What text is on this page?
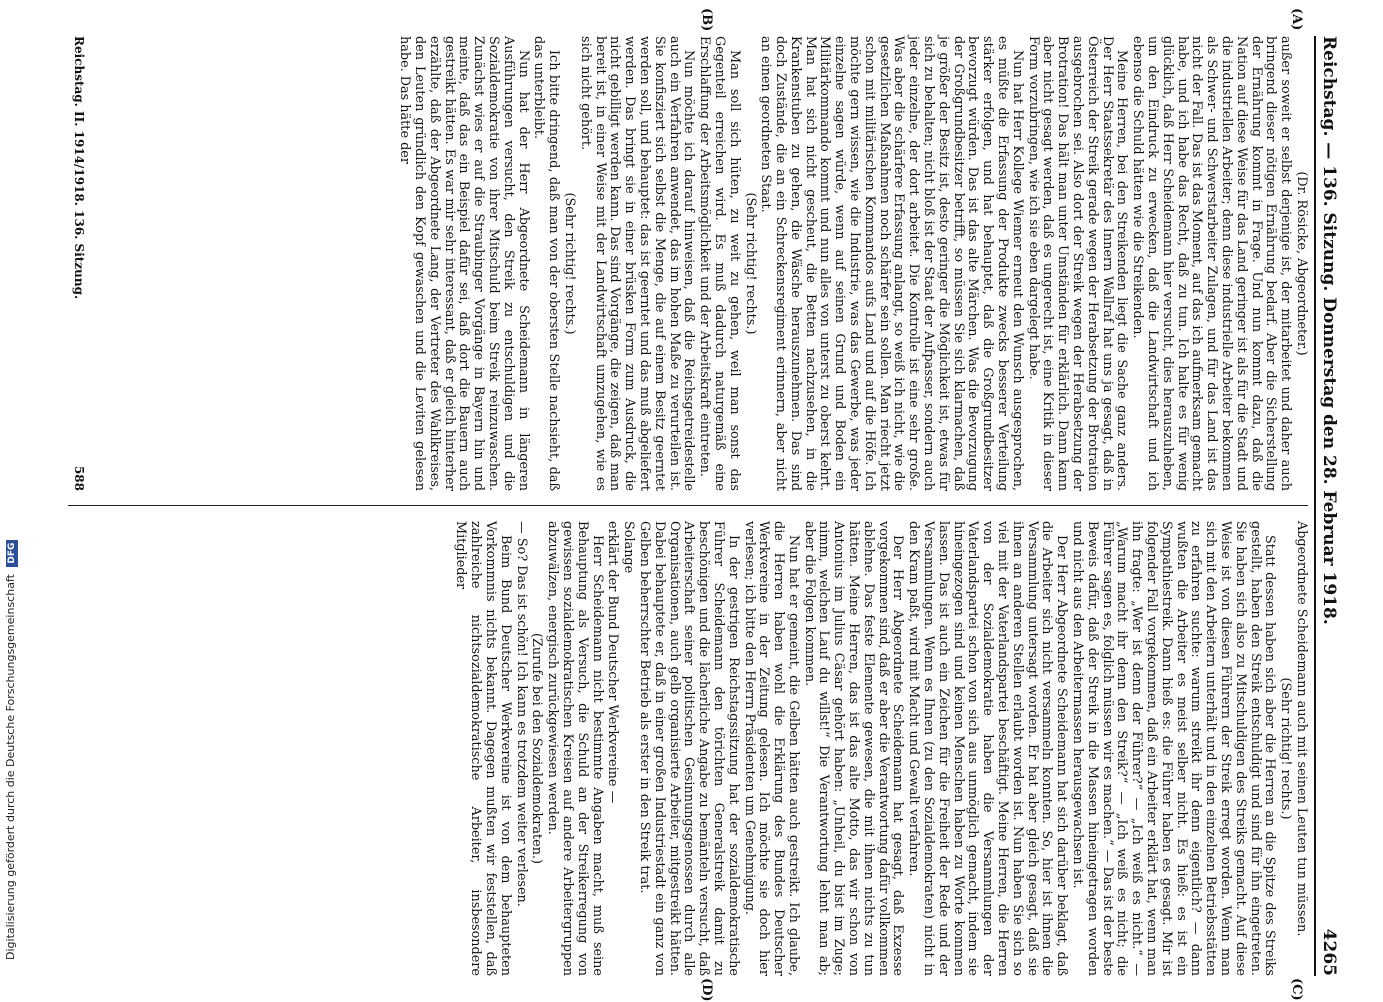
Reichstag. — 136. Sitzung. Donnerstag den 28. Februar 1918.
4265

(Dr. Rösicke, Abgeordneter.)

außer soweit er selbst derjenige ist, der mitarbeitet und daher auch bringend dieser nötigen Ernährung bedarf. Aber die Sicherstellung der Ernährung kommt in Frage. Und nun kommt dazu, daß die Nation auf diese Weise für das Land geringer ist als für die Stadt und die industriellen Arbeiter; denn diese industrielle Arbeiter bekommen als Schwer- und Schwerstarbeiter Zulagen, und für das Land ist das nicht der Fall. Das ist das Moment, auf das ich aufmerksam gemacht habe, und ich habe das Recht, daß zu tun. Ich halte es für wenig glücklich, daß Herr Scheidemann hier versucht, dies herauszuheben, um den Eindruck zu erwecken, daß die Landwirtschaft und ich ebenso die Schuld hätten wie die Streikenden.

Meine Herren, bei den Streikenden liegt die Sache ganz anders. Der Herr Staatssekretär des Innern Wallraf hat uns ja gesagt, daß in Österreich der Streik gerade wegen der Herabsetzung der Brotration ausgebrochen sei. Also dort der Streik wegen der Herabsetzung der Brotration! Das hält man unter Umständen für erklärlich. Dann kann aber nicht gesagt werden, daß es ungerecht ist, eine Kritik in dieser Form vorzubringen, wie ich sie eben dargelegt habe.

Nun hat Herr Kollege Wiemer erneut den Wunsch ausgesprochen, es müßte die Erfassung der Produkte zwecks besserer Verteilung stärker erfolgen, und hat behauptet, daß die Großgrundbesitzer bevorzugt würden. Das ist das alte Märchen. Was die Bevorzugung der Großgrundbesitzer betrifft, so müssen Sie sich klarmachen, daß je größer der Besitz ist, desto geringer die Möglichkeit ist, etwas für sich zu behalten; nicht bloß ist der Staat der Aufpasser, sondern auch jeder einzelne, der dort arbeitet. Die Kontrolle ist eine sehr große. Was aber die schärfere Erfassung anlangt, so weiß ich nicht, wie die gesetzlichen Maßnahmen noch schärfer sein sollen. Man riecht jetzt schon mit militärischen Kommandos aufs Land und auf die Höfe. Ich möchte gern wissen, wie die Industrie, was das Gewerbe, was jeder einzelne sagen würde, wenn auf seinen Grund und Boden ein Militärkommando kommt und nun alles von unterst zu oberst kehrt. Man hat sich nicht gescheut, die Betten nachzusehen, in die Krankenstuben zu gehen, die Wäsche herauszunehmen. Das sind doch Zustände, die an ein Schreckensregiment erinnern, aber nicht an einen geordneten Staat.

(Sehr richtig! rechts.)

Man soll sich hüten, zu weit zu gehen, weil man sonst das Gegenteil erreichen wird. Es muß dadurch naturgemäß eine Erschlaffung der Arbeitsmöglichkeit und der Arbeitskraft eintreten.

Nun möchte ich darauf hinweisen, daß die Reichsgetreidestelle auch ein Verfahren anwendet, das im hohen Maße zu verurteilen ist. Sie konfisziert sich selbst die Menge, die auf einem Besitz geerntet werden soll, und behauptet: das ist geerntet und das muß abgeliefert werden. Das bringt sie in einer brüsken Form zum Ausdruck, die nicht gebilligt werden kann. Das sind Vorgänge, die zeigen, daß man bereit ist, in einer Weise mit der Landwirtschaft umzugehen, wie es sich nicht gehört.

(Sehr richtig! rechts.)

Ich bitte dringend, daß man von der obersten Stelle nachsieht, daß das unterbleibt.

Nun hat der Herr Abgeordnete Scheidemann in längeren Ausführungen versucht, den Streik zu entschuldigen und die Sozialdemokratie von ihrer Mitschuld beim Streik reinzuwaschen. Zunächst wies er auf die Straubinger Vorgänge in Bayern hin und meinte, daß das ein Beispiel dafür sei, daß dort die Bauern auch gestreikt hätten. Es war mir sehr interessant, daß er gleich hinterher erzählte, daß der Abgeordnete Lang, der Vertreter des Wahlkreises, den Leuten gründlich den Kopf gewaschen und die Leviten gelesen habe. Das hätte der

Abgeordnete Scheidemann auch mit seinen Leuten tun müssen.

(Sehr richtig! rechts.)

Statt dessen haben sich aber die Herren an die Spitze des Streiks gestellt, haben den Streik entschuldigt und sind für ihn eingetreten. Sie haben sich also zu Mitschuldigen des Streiks gemacht. Auf diese Weise ist von diesen Führern der Streik erregt worden. Wenn man sich mit den Arbeitern unterhält und in den einzelnen Betriebsstätten zu erfahren suchte: warum streikt ihr denn eigentlich? — dann wußten die Arbeiter es meist selber nicht. Es hieß: es ist ein Sympathiestreik. Dann hieß es: die Führer haben es gesagt. Mir ist folgender Fall vorgekommen, daß ein Arbeiter erklärt hat, wenn man ihn fragte: „Wer ist denn der Führer?“ — „Ich weiß es nicht.“ — „Warum macht ihr denn den Streik?“ — „Ich weiß es nicht; die Führer sagen es, folglich müssen wir es machen.“ — Das ist der beste Beweis dafür, daß der Streik in die Massen hineingetragen worden und nicht aus den Arbeitermassen herausgewachsen ist.

Der Herr Abgeordnete Scheidemann hat sich darüber beklagt, daß die Arbeiter sich nicht versammeln konnten. So, hier ist ihnen die Versammlung untersagt worden. Er hat aber gleich gesagt, daß sie ihnen an anderen Stellen erlaubt worden ist. Nun haben Sie sich so viel mit der Vaterlandspartei beschäftigt. Meine Herren, die Herren von der Sozialdemokratie haben die Versammlungen der Vaterlandspartei schon von sich aus unmöglich gemacht, indem sie hineingezogen sind und keinen Menschen haben zu Worte kommen lassen. Das ist auch ein Zeichen für die Freiheit der Rede und der Versammlungen. Wenn es Ihnen (zu den Sozialdemokraten) nicht in den Kram paßt, wird mit Macht und Gewalt verfahren.

Der Herr Abgeordnete Scheidemann hat gesagt, daß Exzesse vorgekommen sind, daß er aber die Verantwortung dafür vollkommen ablehne. Das feste Elemente gewesen, die mit ihnen nichts zu tun hätten. Meine Herren, das ist das alte Motto, das wir schon von Antonius im Julius Cäsar gehört haben: „Unheil, du bist im Zuge; nimm, welchen Lauf du willst!“ Die Verantwortung lehnt man ab; aber die Folgen kommen.

Nun hat er gemeint, die Gelben hätten auch gestreikt. Ich glaube, die Herren haben wohl die Erklärung des Bundes Deutscher Werkvereine in der Zeitung gelesen. Ich möchte sie doch hier verlesen; ich bitte den Herrn Präsidenten um Genehmigung.

In der gestrigen Reichstagssitzung hat der sozialdemokratische Führer Scheidemann den törichten Generalstreik damit zu beschönigen und die lächerliche Angabe zu bemänteln versucht, daß Arbeiterschaft seiner politischen Gesinnungsgenossen durch alle Organisationen, auch gelb organisierte Arbeiter, mitgestreikt hätten. Dabei behauptete er, daß in einer großen Industriestadt ein ganz von Gelben beherrschter Betrieb als erster in den Streik trat.

Solange

erklärt der Bund Deutscher Werkvereine —

Herr Scheidemann nicht bestimmte Angaben macht, muß seine Behauptung als Versuch, die Schuld an der Streikerregung von gewissen sozialdemokratischen Kreisen auf andere Arbeitergruppen abzuwälzen, energisch zurückgewiesen werden.

(Zurufe bei den Sozialdemokraten.)

— So? Das ist schön! Ich kann es trotzdem weiter verlesen.

Beim Bund Deutscher Werkvereine ist von dem behaupteten Vorkommnis nichts bekannt. Dagegen mußten wir feststellen, daß zahlreiche nichtsozialdemokratische Arbeiter, insbesondere Mitglieder

(A)
(B)
(C)
(D)
Reichstag. II. 1914/1918. 136. Sitzung.
588
Digitalisierung gefördert durch die Deutsche Forschungsgemeinschaft DFG
